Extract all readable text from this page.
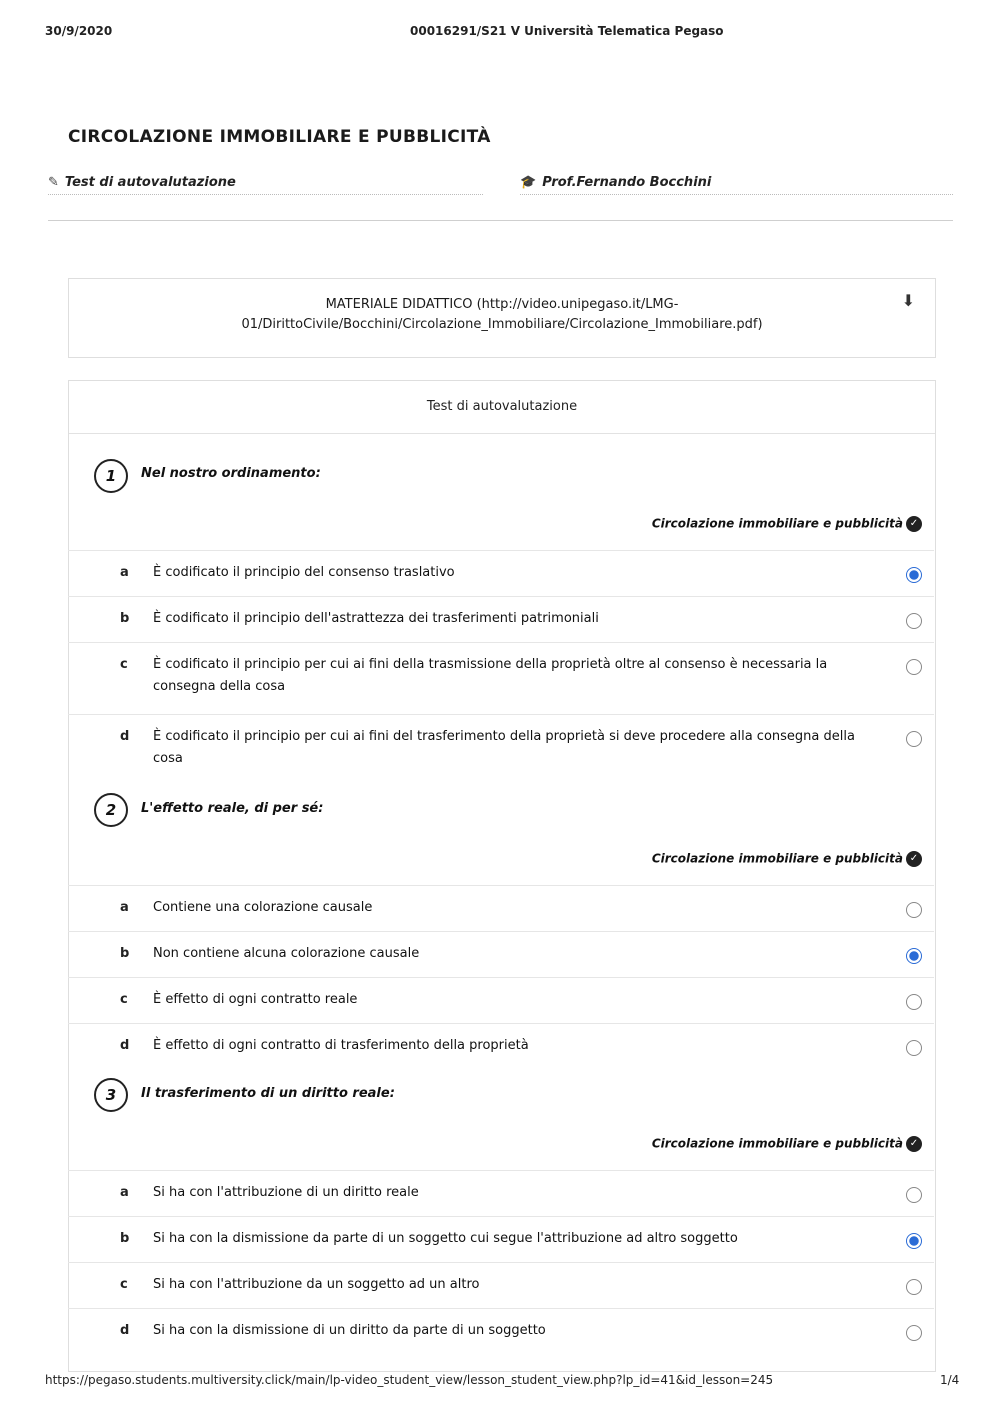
30/9/2020	00016291/S21 V Università Telematica Pegaso
CIRCOLAZIONE IMMOBILIARE E PUBBLICITÀ
✎ Test di autovalutazione	🎓 Prof.Fernando Bocchini
MATERIALE DIDATTICO (http://video.unipegaso.it/LMG-01/DirittoCivile/Bocchini/Circolazione_Immobiliare/Circolazione_Immobiliare.pdf)
⬇
Test di autovalutazione
1	Nel nostro ordinamento:
Circolazione immobiliare e pubblicità ✓
a È codificato il principio del consenso traslativo
b È codificato il principio dell'astrattezza dei trasferimenti patrimoniali
c È codificato il principio per cui ai fini della trasmissione della proprietà oltre al consenso è necessaria la consegna della cosa
d È codificato il principio per cui ai fini del trasferimento della proprietà si deve procedere alla consegna della cosa
2	L'effetto reale, di per sé:
Circolazione immobiliare e pubblicità ✓
a Contiene una colorazione causale
b Non contiene alcuna colorazione causale
c È effetto di ogni contratto reale
d È effetto di ogni contratto di trasferimento della proprietà
3	Il trasferimento di un diritto reale:
Circolazione immobiliare e pubblicità ✓
a Si ha con l'attribuzione di un diritto reale
b Si ha con la dismissione da parte di un soggetto cui segue l'attribuzione ad altro soggetto
c Si ha con l'attribuzione da un soggetto ad un altro
d Si ha con la dismissione di un diritto da parte di un soggetto
https://pegaso.students.multiversity.click/main/lp-video_student_view/lesson_student_view.php?lp_id=41&id_lesson=245	1/4
